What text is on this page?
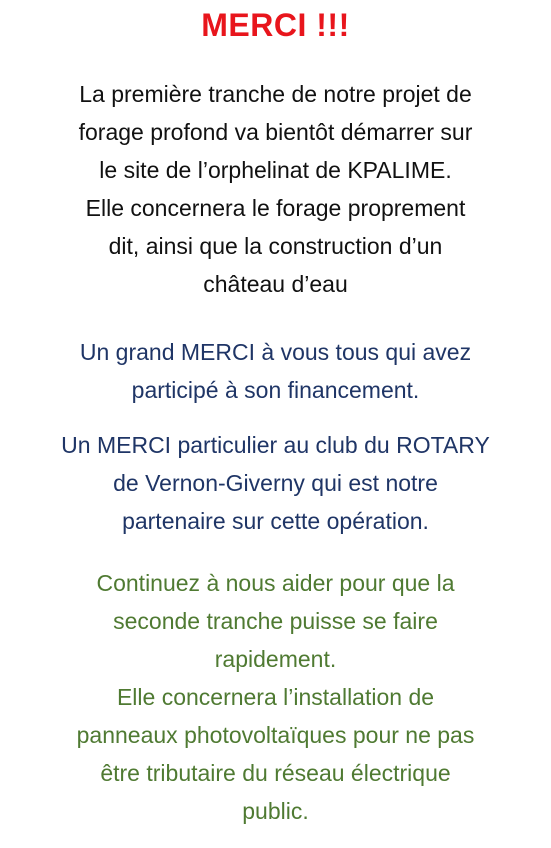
MERCI !!!
La première tranche de notre projet de
forage profond va bientôt démarrer sur
le site de l’orphelinat de KPALIME.
Elle concernera le forage proprement
dit, ainsi que la construction d’un
château d’eau
Un grand MERCI à vous tous qui avez
participé à son financement.
Un MERCI particulier au club du ROTARY
de Vernon-Giverny qui est notre
partenaire sur cette opération.
Continuez à nous aider pour que la
seconde tranche puisse se faire
rapidement.
Elle concernera l’installation de
panneaux photovoltaïques pour ne pas
être tributaire du réseau électrique
public.
